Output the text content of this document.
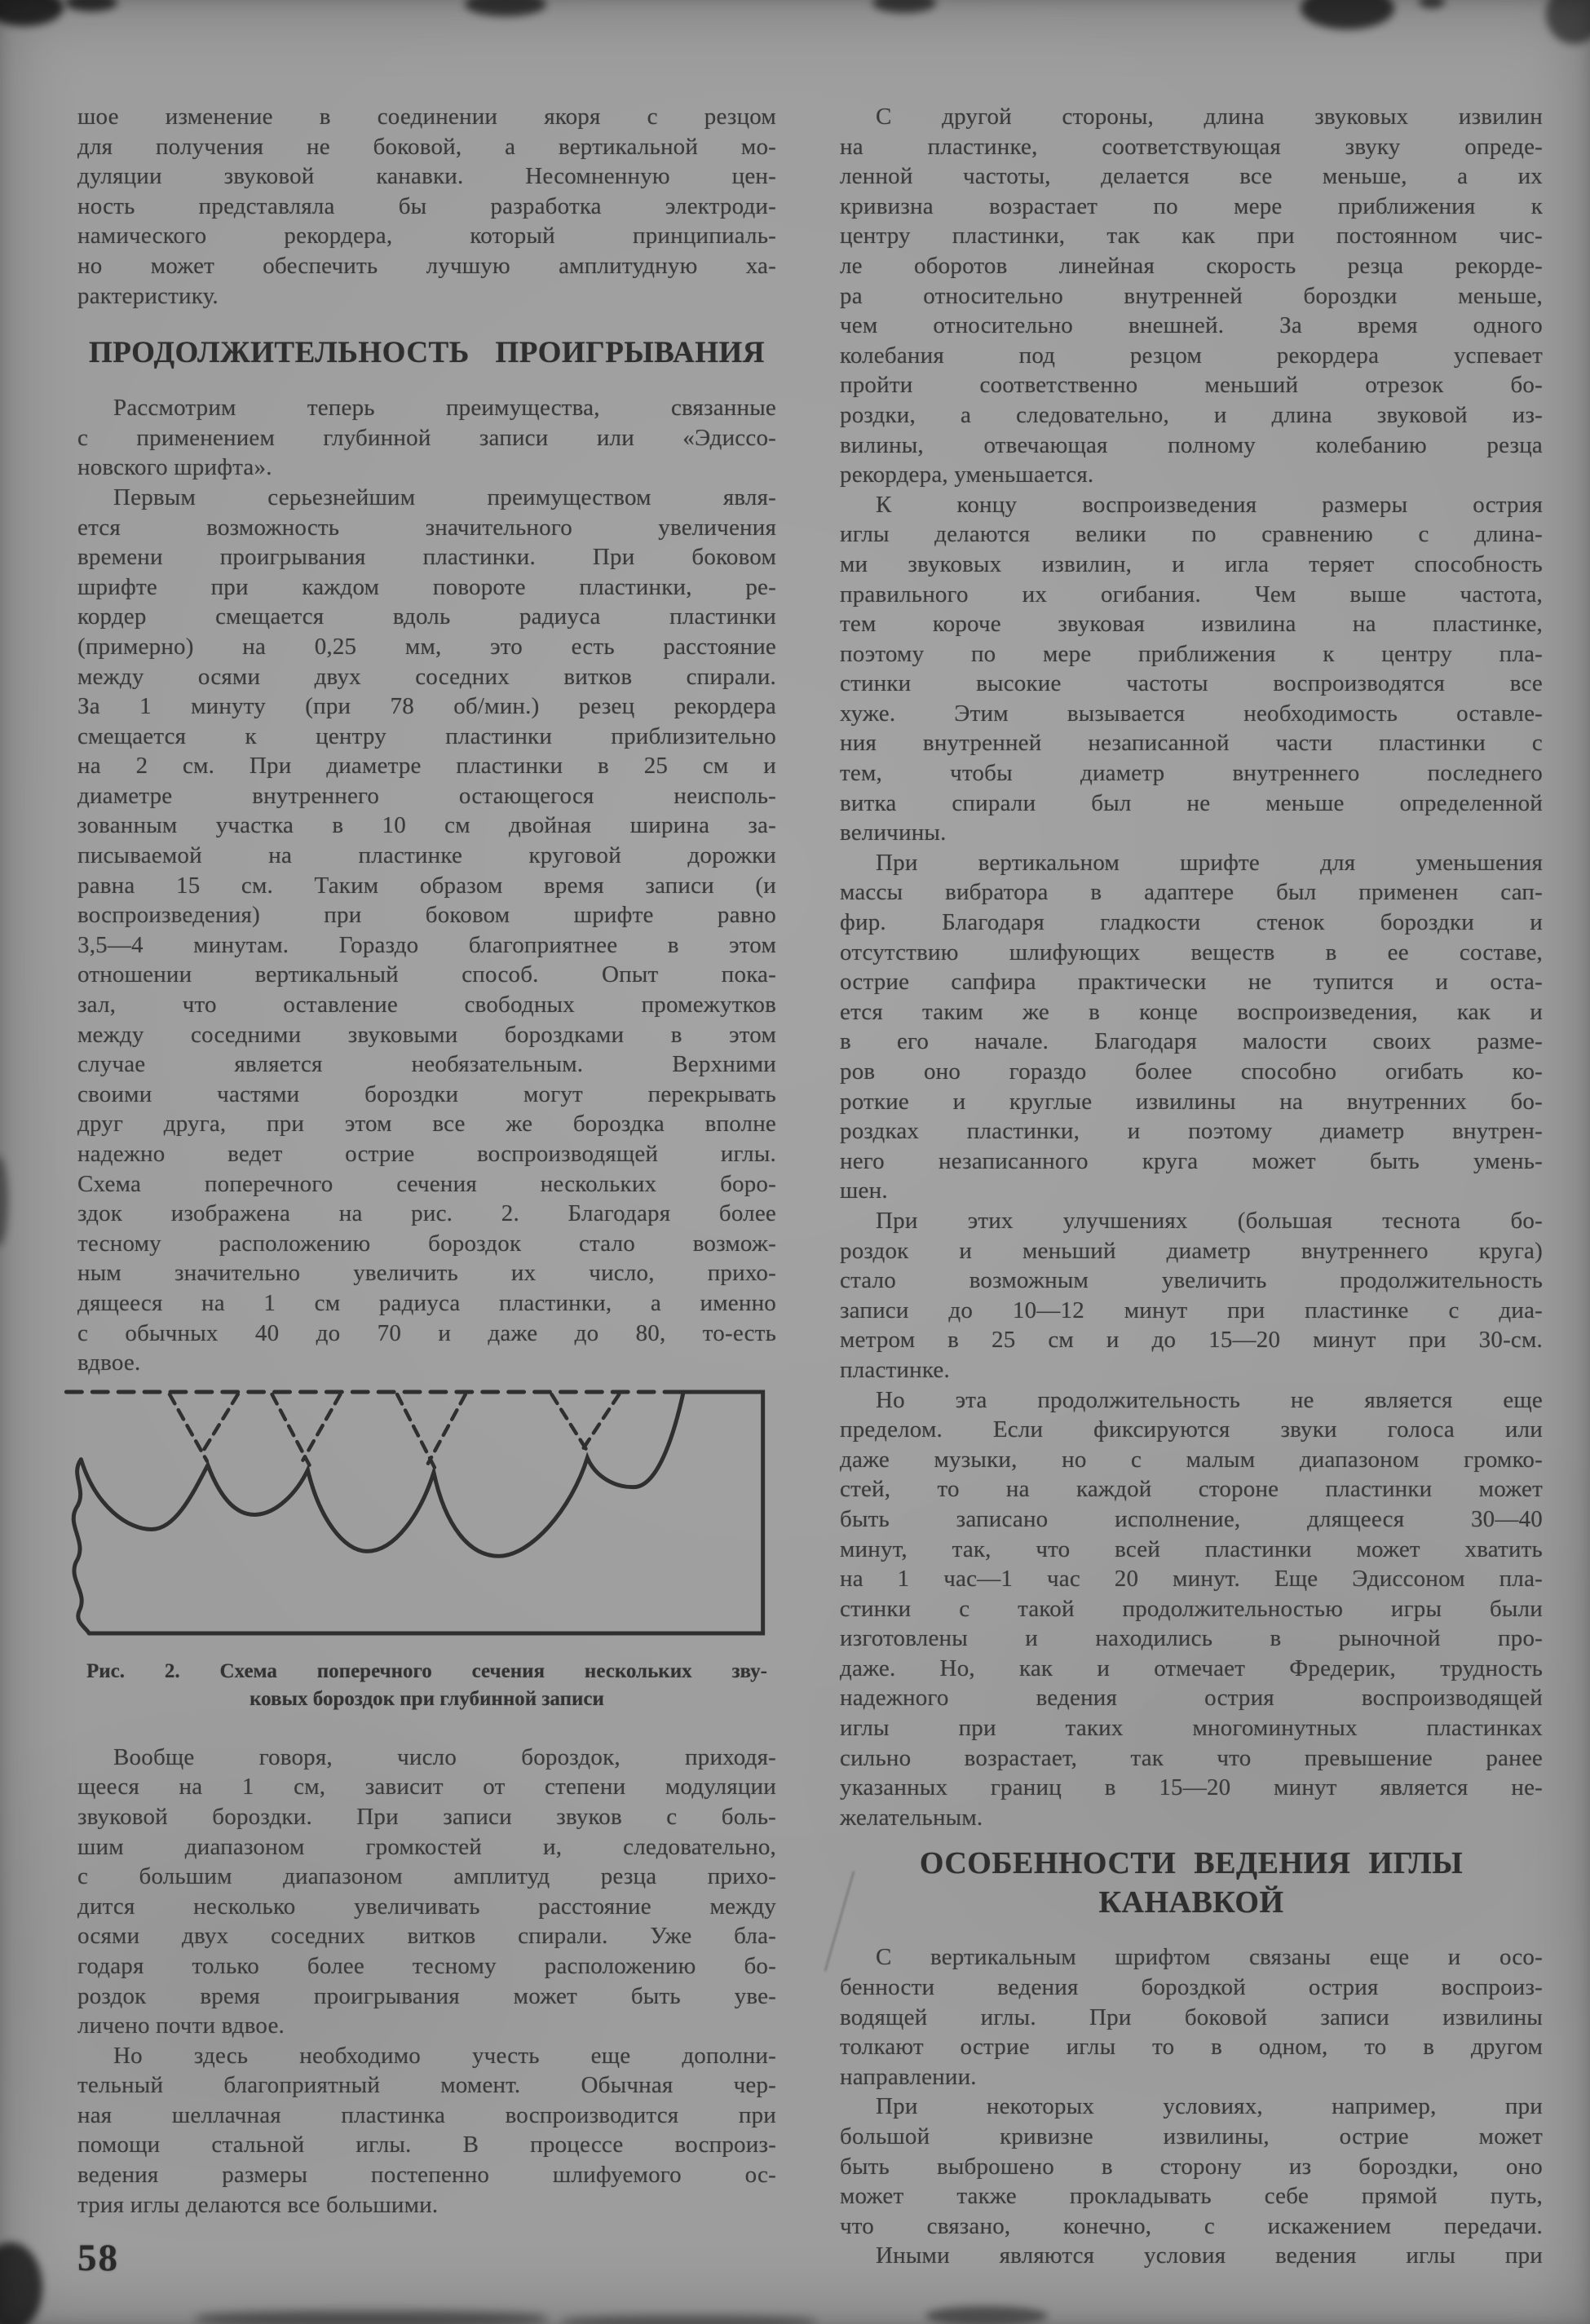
шое изменение в соединении якоря с резцом
для получения не боковой, а вертикальной мо-
дуляции звуковой канавки. Несомненную цен-
ность представляла бы разработка электроди-
намического рекордера, который принципиаль-
но может обеспечить лучшую амплитудную ха-
рактеристику.
ПРОДОЛЖИТЕЛЬНОСТЬ ПРОИГРЫВАНИЯ
Рассмотрим теперь преимущества, связанные
с применением глубинной записи или «Эдиссо-
новского шрифта».
Первым серьезнейшим преимуществом явля-
ется возможность значительного увеличения
времени проигрывания пластинки. При боковом
шрифте при каждом повороте пластинки, ре-
кордер смещается вдоль радиуса пластинки
(примерно) на 0,25 мм, это есть расстояние
между осями двух соседних витков спирали.
За 1 минуту (при 78 об/мин.) резец рекордера
смещается к центру пластинки приблизительно
на 2 см. При диаметре пластинки в 25 см и
диаметре внутреннего остающегося неисполь-
зованным участка в 10 см двойная ширина за-
писываемой на пластинке круговой дорожки
равна 15 см. Таким образом время записи (и
воспроизведения) при боковом шрифте равно
3,5—4 минутам. Гораздо благоприятнее в этом
отношении вертикальный способ. Опыт пока-
зал, что оставление свободных промежутков
между соседними звуковыми бороздками в этом
случае является необязательным. Верхними
своими частями бороздки могут перекрывать
друг друга, при этом все же бороздка вполне
надежно ведет острие воспроизводящей иглы.
Схема поперечного сечения нескольких боро-
здок изображена на рис. 2. Благодаря более
тесному расположению бороздок стало возмож-
ным значительно увеличить их число, прихо-
дящееся на 1 см радиуса пластинки, а именно
с обычных 40 до 70 и даже до 80, то-есть
вдвое.
Рис. 2. Схема поперечного сечения нескольких зву-
ковых бороздок при глубинной записи
Вообще говоря, число бороздок, приходя-
щееся на 1 см, зависит от степени модуляции
звуковой бороздки. При записи звуков с боль-
шим диапазоном громкостей и, следовательно,
с большим диапазоном амплитуд резца прихо-
дится несколько увеличивать расстояние между
осями двух соседних витков спирали. Уже бла-
годаря только более тесному расположению бо-
роздок время проигрывания может быть уве-
личено почти вдвое.
Но здесь необходимо учесть еще дополни-
тельный благоприятный момент. Обычная чер-
ная шеллачная пластинка воспроизводится при
помощи стальной иглы. В процессе воспроиз-
ведения размеры постепенно шлифуемого ос-
трия иглы делаются все большими.
58
С другой стороны, длина звуковых извилин
на пластинке, соответствующая звуку опреде-
ленной частоты, делается все меньше, а их
кривизна возрастает по мере приближения к
центру пластинки, так как при постоянном чис-
ле оборотов линейная скорость резца рекорде-
ра относительно внутренней бороздки меньше,
чем относительно внешней. За время одного
колебания под резцом рекордера успевает
пройти соответственно меньший отрезок бо-
роздки, а следовательно, и длина звуковой из-
вилины, отвечающая полному колебанию резца
рекордера, уменьшается.
К концу воспроизведения размеры острия
иглы делаются велики по сравнению с длина-
ми звуковых извилин, и игла теряет способность
правильного их огибания. Чем выше частота,
тем короче звуковая извилина на пластинке,
поэтому по мере приближения к центру пла-
стинки высокие частоты воспроизводятся все
хуже. Этим вызывается необходимость оставле-
ния внутренней незаписанной части пластинки с
тем, чтобы диаметр внутреннего последнего
витка спирали был не меньше определенной
величины.
При вертикальном шрифте для уменьшения
массы вибратора в адаптере был применен сап-
фир. Благодаря гладкости стенок бороздки и
отсутствию шлифующих веществ в ее составе,
острие сапфира практически не тупится и оста-
ется таким же в конце воспроизведения, как и
в его начале. Благодаря малости своих разме-
ров оно гораздо более способно огибать ко-
роткие и круглые извилины на внутренних бо-
роздках пластинки, и поэтому диаметр внутрен-
него незаписанного круга может быть умень-
шен.
При этих улучшениях (большая теснота бо-
роздок и меньший диаметр внутреннего круга)
стало возможным увеличить продолжительность
записи до 10—12 минут при пластинке с диа-
метром в 25 см и до 15—20 минут при 30-см.
пластинке.
Но эта продолжительность не является еще
пределом. Если фиксируются звуки голоса или
даже музыки, но с малым диапазоном громко-
стей, то на каждой стороне пластинки может
быть записано исполнение, длящееся 30—40
минут, так, что всей пластинки может хватить
на 1 час—1 час 20 минут. Еще Эдиссоном пла-
стинки с такой продолжительностью игры были
изготовлены и находились в рыночной про-
даже. Но, как и отмечает Фредерик, трудность
надежного ведения острия воспроизводящей
иглы при таких многоминутных пластинках
сильно возрастает, так что превышение ранее
указанных границ в 15—20 минут является не-
желательным.
ОСОБЕННОСТИ ВЕДЕНИЯ ИГЛЫ КАНАВКОЙ
С вертикальным шрифтом связаны еще и осо-
бенности ведения бороздкой острия воспроиз-
водящей иглы. При боковой записи извилины
толкают острие иглы то в одном, то в другом
направлении.
При некоторых условиях, например, при
большой кривизне извилины, острие может
быть выброшено в сторону из бороздки, оно
может также прокладывать себе прямой путь,
что связано, конечно, с искажением передачи.
Иными являются условия ведения иглы при
